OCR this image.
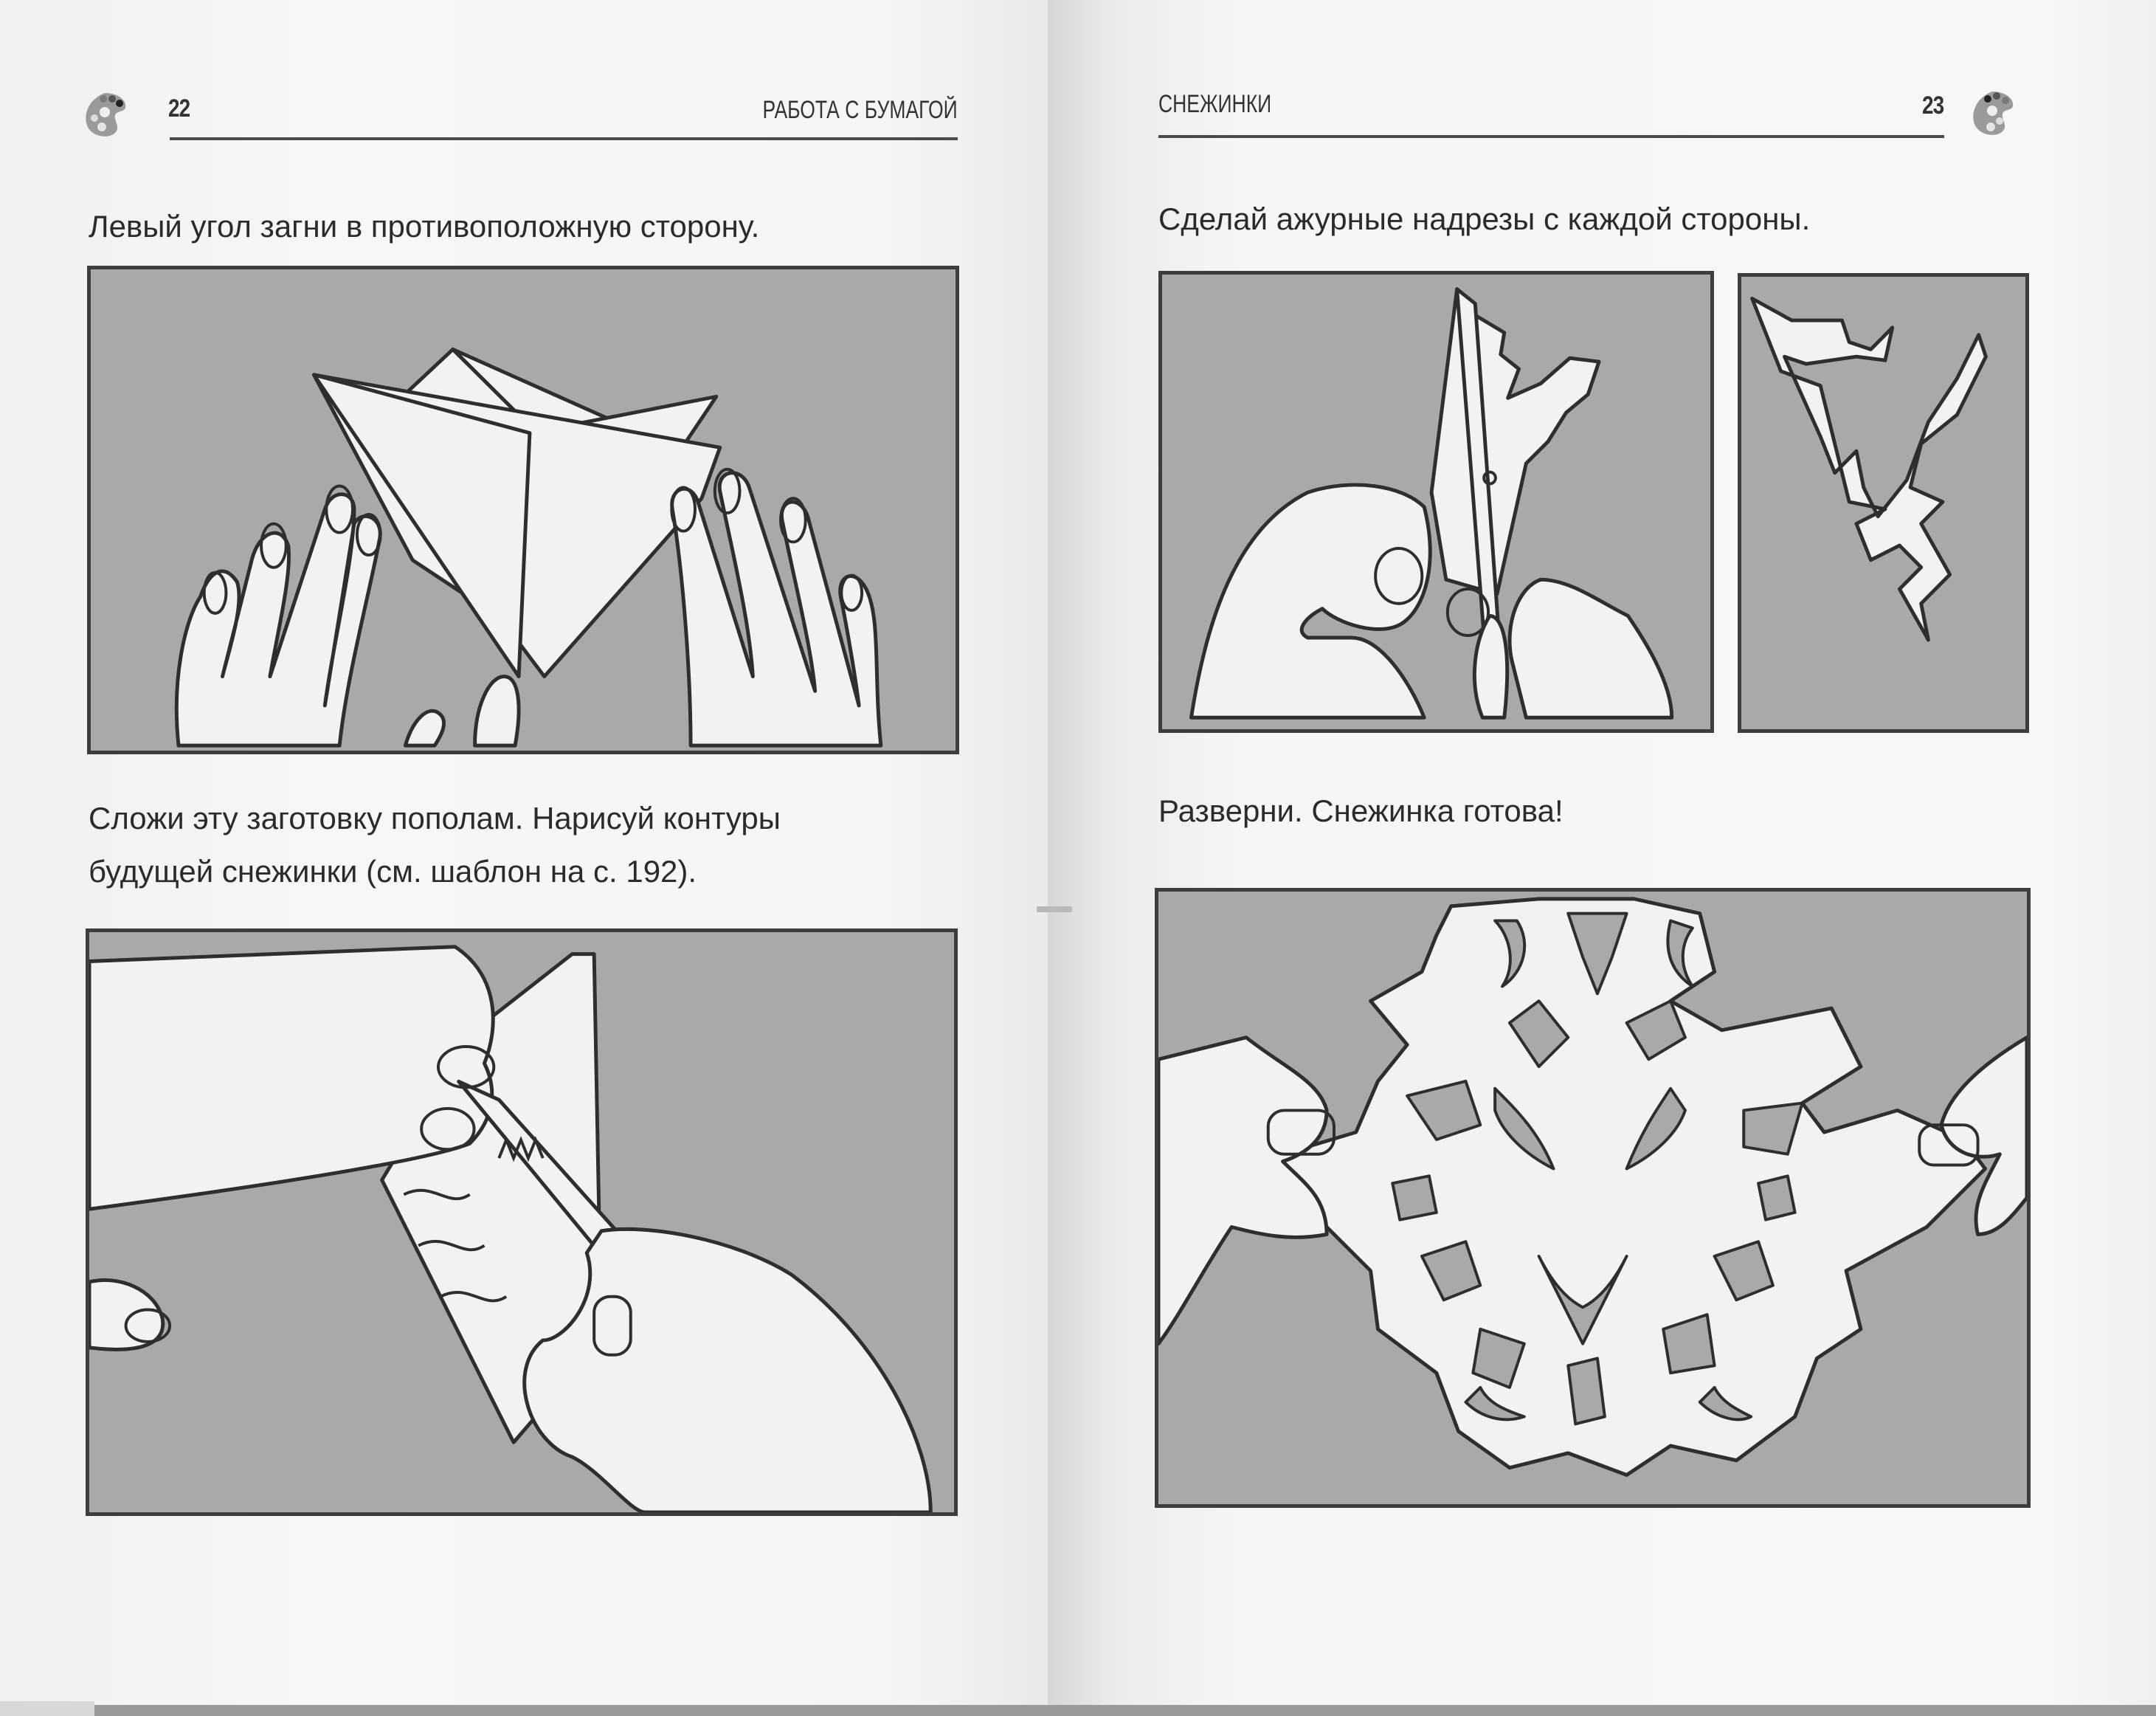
22	РАБОТА С БУМАГОЙ
Левый угол загни в противоположную сторону.
Сложи эту заготовку пополам. Нарисуй контуры
будущей снежинки (см. шаблон на с. 192).
СНЕЖИНКИ	23
Сделай ажурные надрезы с каждой стороны.
Разверни. Снежинка готова!
